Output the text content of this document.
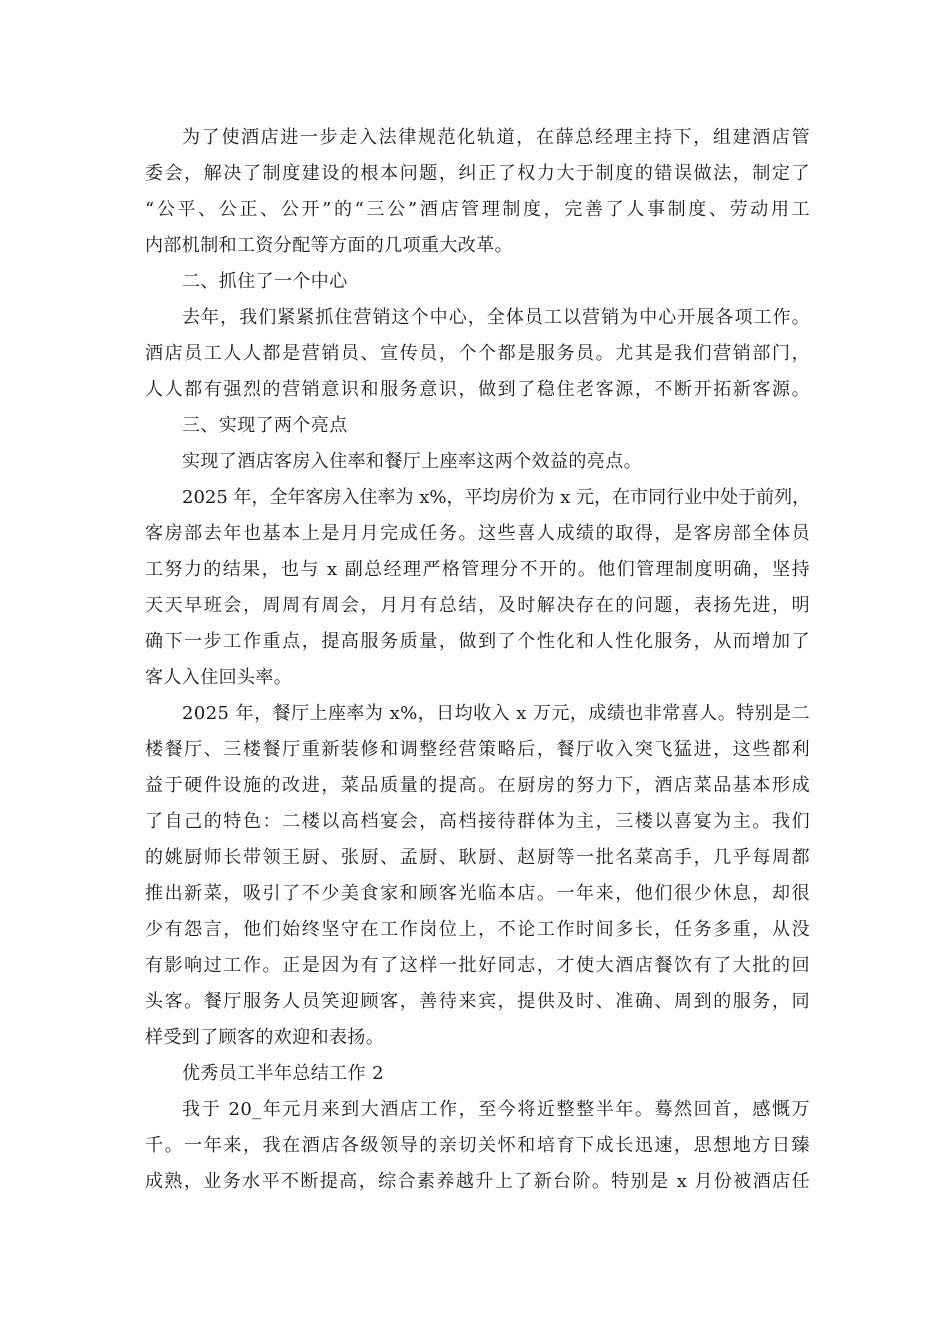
为了使酒店进一步走入法律规范化轨道，在薛总经理主持下，组建酒店管
委会，解决了制度建设的根本问题，纠正了权力大于制度的错误做法，制定了
“公平、公正、公开”的“三公”酒店管理制度，完善了人事制度、劳动用工
内部机制和工资分配等方面的几项重大改革。
二、抓住了一个中心
去年，我们紧紧抓住营销这个中心，全体员工以营销为中心开展各项工作。
酒店员工人人都是营销员、宣传员，个个都是服务员。尤其是我们营销部门，
人人都有强烈的营销意识和服务意识，做到了稳住老客源，不断开拓新客源。
三、实现了两个亮点
实现了酒店客房入住率和餐厅上座率这两个效益的亮点。
2025 年，全年客房入住率为 x%，平均房价为 x 元，在市同行业中处于前列，
客房部去年也基本上是月月完成任务。这些喜人成绩的取得，是客房部全体员
工努力的结果，也与 x 副总经理严格管理分不开的。他们管理制度明确，坚持
天天早班会，周周有周会，月月有总结，及时解决存在的问题，表扬先进，明
确下一步工作重点，提高服务质量，做到了个性化和人性化服务，从而增加了
客人入住回头率。
2025 年，餐厅上座率为 x%，日均收入 x 万元，成绩也非常喜人。特别是二
楼餐厅、三楼餐厅重新装修和调整经营策略后，餐厅收入突飞猛进，这些都利
益于硬件设施的改进，菜品质量的提高。在厨房的努力下，酒店菜品基本形成
了自己的特色：二楼以高档宴会，高档接待群体为主，三楼以喜宴为主。我们
的姚厨师长带领王厨、张厨、孟厨、耿厨、赵厨等一批名菜高手，几乎每周都
推出新菜，吸引了不少美食家和顾客光临本店。一年来，他们很少休息，却很
少有怨言，他们始终坚守在工作岗位上，不论工作时间多长，任务多重，从没
有影响过工作。正是因为有了这样一批好同志，才使大酒店餐饮有了大批的回
头客。餐厅服务人员笑迎顾客，善待来宾，提供及时、准确、周到的服务，同
样受到了顾客的欢迎和表扬。
优秀员工半年总结工作 2
我于 20_年元月来到大酒店工作，至今将近整整半年。蓦然回首，感慨万
千。一年来，我在酒店各级领导的亲切关怀和培育下成长迅速，思想地方日臻
成熟，业务水平不断提高，综合素养越升上了新台阶。特别是 x 月份被酒店任
